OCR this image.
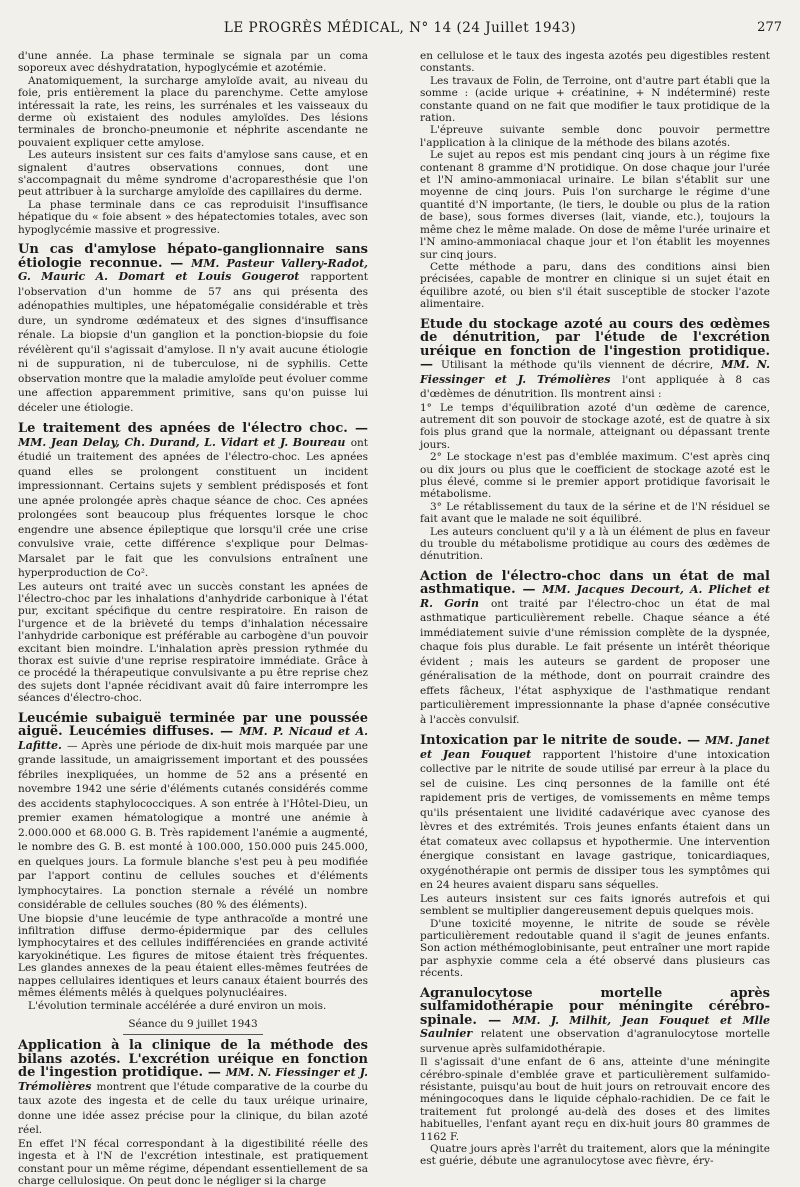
LE PROGRÈS MÉDICAL, N° 14 (24 Juillet 1943)	277

d'une année. La phase terminale se signala par un coma soporeux avec déshydratation, hypoglycémie et azotémie.

Anatomiquement, la surcharge amyloïde avait, au niveau du foie, pris entièrement la place du parenchyme. Cette amylose intéressait la rate, les reins, les surrénales et les vaisseaux du derme où existaient des nodules amyloïdes. Des lésions terminales de broncho-pneumonie et néphrite ascendante ne pouvaient expliquer cette amylose.

Les auteurs insistent sur ces faits d'amylose sans cause, et en signalent d'autres observations connues, dont une s'accompagnait du même syndrome d'acroparesthésie que l'on peut attribuer à la surcharge amyloïde des capillaires du derme.

La phase terminale dans ce cas reproduisit l'insuffisance hépatique du « foie absent » des hépatectomies totales, avec son hypoglycémie massive et progressive.

Un cas d'amylose hépato-ganglionnaire sans étiologie reconnue. — MM. Pasteur Vallery-Radot, G. Mauric A. Domart et Louis Gougerot rapportent l'observation d'un homme de 57 ans qui présenta des adénopathies multiples, une hépatomégalie considérable et très dure, un syndrome œdémateux et des signes d'insuffisance rénale. La biopsie d'un ganglion et la ponction-biopsie du foie révélèrent qu'il s'agissait d'amylose. Il n'y avait aucune étiologie ni de suppuration, ni de tuberculose, ni de syphilis. Cette observation montre que la maladie amyloïde peut évoluer comme une affection apparemment primitive, sans qu'on puisse lui déceler une étiologie.
Le traitement des apnées de l'électro choc. — MM. Jean Delay, Ch. Durand, L. Vidart et J. Boureau ont étudié un traitement des apnées de l'électro-choc. Les apnées quand elles se prolongent constituent un incident impressionnant. Certains sujets y semblent prédisposés et font une apnée prolongée après chaque séance de choc. Ces apnées prolongées sont beaucoup plus fréquentes lorsque le choc engendre une absence épileptique que lorsqu'il crée une crise convulsive vraie, cette différence s'explique pour Delmas-Marsalet par le fait que les convulsions entraînent une hyperproduction de Co².

Les auteurs ont traité avec un succès constant les apnées de l'électro-choc par les inhalations d'anhydride carbonique à l'état pur, excitant spécifique du centre respiratoire. En raison de l'urgence et de la brièveté du temps d'inhalation nécessaire l'anhydride carbonique est préférable au carbogène d'un pouvoir excitant bien moindre. L'inhalation après pression rythmée du thorax est suivie d'une reprise respiratoire immédiate. Grâce à ce procédé la thérapeutique convulsivante a pu être reprise chez des sujets dont l'apnée récidivant avait dû faire interrompre les séances d'électro-choc.

Leucémie subaiguë terminée par une poussée aiguë. Leucémies diffuses. — MM. P. Nicaud et A. Lafitte. — Après une période de dix-huit mois marquée par une grande lassitude, un amaigrissement important et des poussées fébriles inexpliquées, un homme de 52 ans a présenté en novembre 1942 une série d'éléments cutanés considérés comme des accidents staphylococciques. A son entrée à l'Hôtel-Dieu, un premier examen hématologique a montré une anémie à 2.000.000 et 68.000 G. B. Très rapidement l'anémie a augmenté, le nombre des G. B. est monté à 100.000, 150.000 puis 245.000, en quelques jours. La formule blanche s'est peu à peu modifiée par l'apport continu de cellules souches et d'éléments lymphocytaires. La ponction sternale a révélé un nombre considérable de cellules souches (80 % des éléments).

Une biopsie d'une leucémie de type anthracoïde a montré une infiltration diffuse dermo-épidermique par des cellules lymphocytaires et des cellules indifférenciées en grande activité karyokinétique. Les figures de mitose étaient très fréquentes. Les glandes annexes de la peau étaient elles-mêmes feutrées de nappes cellulaires identiques et leurs canaux étaient bourrés des mêmes éléments mêlés à quelques polynucléaires.

L'évolution terminale accélérée a duré environ un mois.

Séance du 9 juillet 1943
Application à la clinique de la méthode des bilans azotés. L'excrétion uréique en fonction de l'ingestion protidique. — MM. N. Fiessinger et J. Trémolières montrent que l'étude comparative de la courbe du taux azote des ingesta et de celle du taux uréique urinaire, donne une idée assez précise pour la clinique, du bilan azoté réel.

En effet l'N fécal correspondant à la digestibilité réelle des ingesta et à l'N de l'excrétion intestinale, est pratiquement constant pour un même régime, dépendant essentiellement de sa charge cellulosique. On peut donc le négliger si la charge

en cellulose et le taux des ingesta azotés peu digestibles restent constants.

Les travaux de Folin, de Terroine, ont d'autre part établi que la somme : (acide urique + créatinine, + N indéterminé) reste constante quand on ne fait que modifier le taux protidique de la ration.

L'épreuve suivante semble donc pouvoir permettre l'application à la clinique de la méthode des bilans azotés.

Le sujet au repos est mis pendant cinq jours à un régime fixe contenant 8 gramme d'N protidique. On dose chaque jour l'urée et l'N amino-ammoniacal urinaire. Le bilan s'établit sur une moyenne de cinq jours. Puis l'on surcharge le régime d'une quantité d'N importante, (le tiers, le double ou plus de la ration de base), sous formes diverses (lait, viande, etc.), toujours la même chez le même malade. On dose de même l'urée urinaire et l'N amino-ammoniacal chaque jour et l'on établit les moyennes sur cinq jours.

Cette méthode a paru, dans des conditions ainsi bien précisées, capable de montrer en clinique si un sujet était en équilibre azoté, ou bien s'il était susceptible de stocker l'azote alimentaire.

Etude du stockage azoté au cours des œdèmes de dénutrition, par l'étude de l'excrétion uréique en fonction de l'ingestion protidique. — Utilisant la méthode qu'ils viennent de décrire, MM. N. Fiessinger et J. Trémolières l'ont appliquée à 8 cas d'œdèmes de dénutrition. Ils montrent ainsi :

1° Le temps d'équilibration azoté d'un œdème de carence, autrement dit son pouvoir de stockage azoté, est de quatre à six fois plus grand que la normale, atteignant ou dépassant trente jours.

2° Le stockage n'est pas d'emblée maximum. C'est après cinq ou dix jours ou plus que le coefficient de stockage azoté est le plus élevé, comme si le premier apport protidique favorisait le métabolisme.

3° Le rétablissement du taux de la sérine et de l'N résiduel se fait avant que le malade ne soit équilibré.

Les auteurs concluent qu'il y a là un élément de plus en faveur du trouble du métabolisme protidique au cours des œdèmes de dénutrition.

Action de l'électro-choc dans un état de mal asthmatique. — MM. Jacques Decourt, A. Plichet et R. Gorin ont traité par l'électro-choc un état de mal asthmatique particulièrement rebelle. Chaque séance a été immédiatement suivie d'une rémission complète de la dyspnée, chaque fois plus durable. Le fait présente un intérêt théorique évident ; mais les auteurs se gardent de proposer une généralisation de la méthode, dont on pourrait craindre des effets fâcheux, l'état asphyxique de l'asthmatique rendant particulièrement impressionnante la phase d'apnée consécutive à l'accès convulsif.
Intoxication par le nitrite de soude. — MM. Janet et Jean Fouquet rapportent l'histoire d'une intoxication collective par le nitrite de soude utilisé par erreur à la place du sel de cuisine. Les cinq personnes de la famille ont été rapidement pris de vertiges, de vomissements en même temps qu'ils présentaient une lividité cadavérique avec cyanose des lèvres et des extrémités. Trois jeunes enfants étaient dans un état comateux avec collapsus et hypothermie. Une intervention énergique consistant en lavage gastrique, tonicardiaques, oxygénothérapie ont permis de dissiper tous les symptômes qui en 24 heures avaient disparu sans séquelles.

Les auteurs insistent sur ces faits ignorés autrefois et qui semblent se multiplier dangereusement depuis quelques mois.

D'une toxicité moyenne, le nitrite de soude se révèle particulièrement redoutable quand il s'agit de jeunes enfants. Son action méthémoglobinisante, peut entraîner une mort rapide par asphyxie comme cela a été observé dans plusieurs cas récents.

Agranulocytose mortelle après sulfamidothérapie pour méningite cérébro-spinale. — MM. J. Milhit, Jean Fouquet et Mlle Saulnier relatent une observation d'agranulocytose mortelle survenue après sulfamidothérapie.

Il s'agissait d'une enfant de 6 ans, atteinte d'une méningite cérébro-spinale d'emblée grave et particulièrement sulfamido-résistante, puisqu'au bout de huit jours on retrouvait encore des méningocoques dans le liquide céphalo-rachidien. De ce fait le traitement fut prolongé au-delà des doses et des limites habituelles, l'enfant ayant reçu en dix-huit jours 80 grammes de 1162 F.

Quatre jours après l'arrêt du traitement, alors que la méningite est guérie, débute une agranulocytose avec fièvre, éry-
